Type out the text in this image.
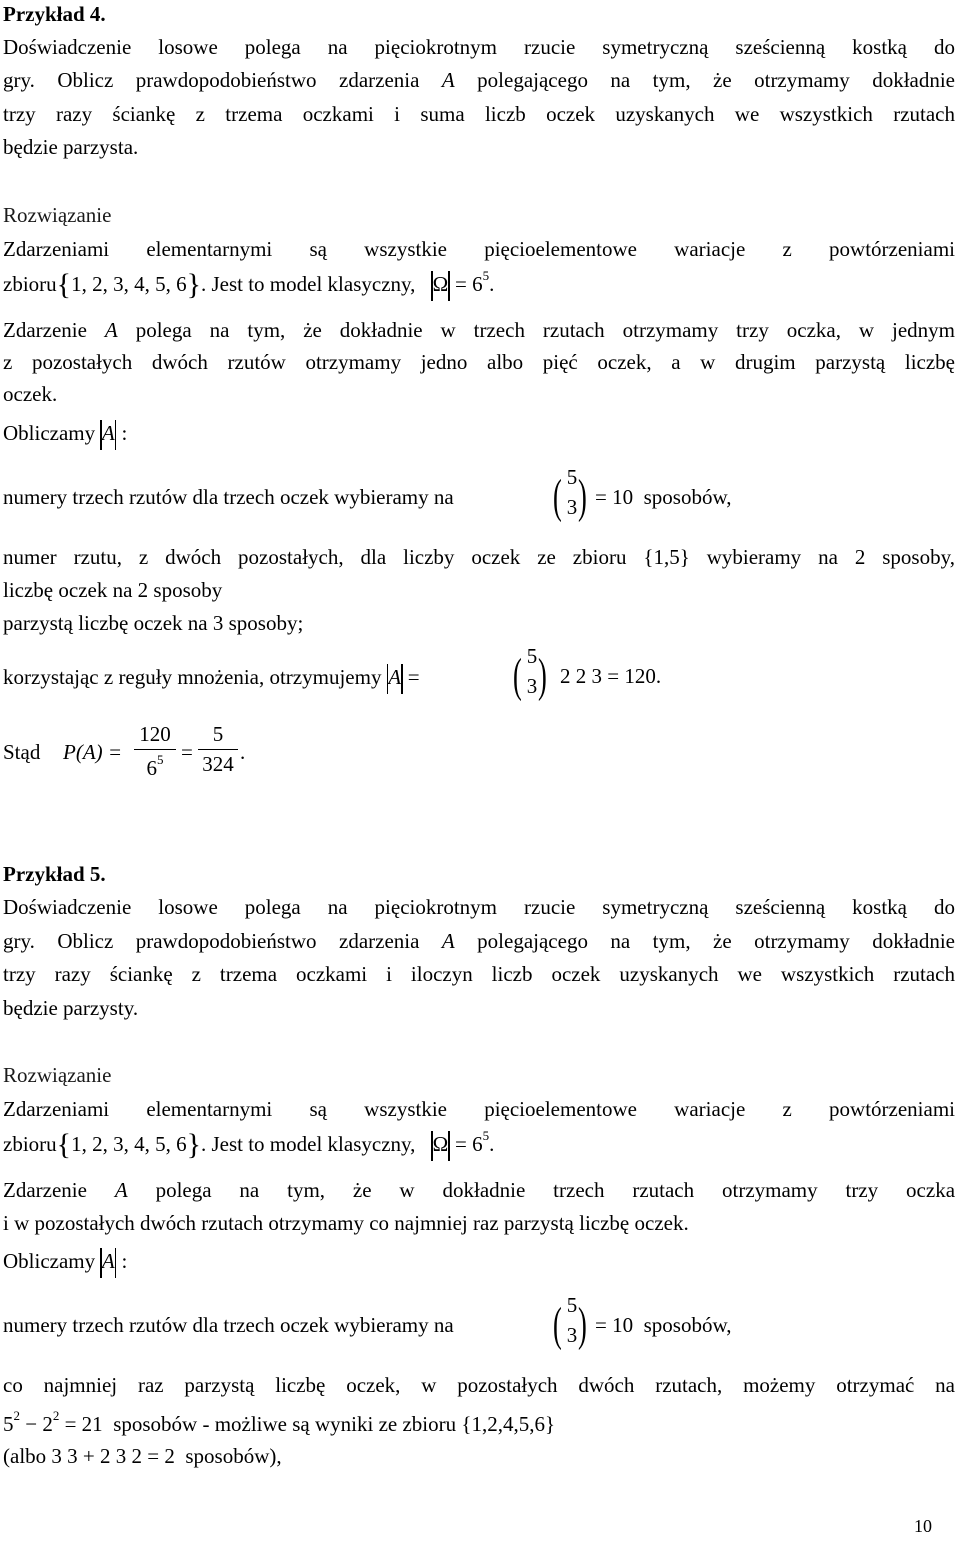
Przykład 4.
Doświadczenie losowe polega na pięciokrotnym rzucie symetryczną sześcienną kostką do
gry. Oblicz prawdopodobieństwo zdarzenia A polegającego na tym, że otrzymamy dokładnie
trzy razy ściankę z trzema oczkami i suma liczb oczek uzyskanych we wszystkich rzutach
będzie parzysta.
Rozwiązanie
Zdarzeniami elementarnymi są wszystkie pięcioelementowe wariacje z powtórzeniami
zbioru{1, 2, 3, 4, 5, 6}. Jest to model klasyczny, $\Omega = 6^5$.
Zdarzenie A polega na tym, że dokładnie w trzech rzutach otrzymamy trzy oczka, w jednym
z pozostałych dwóch rzutów otrzymamy jedno albo pięć oczek, a w drugim parzystą liczbę
oczek.
Obliczamy A :
numery trzech rzutów dla trzech oczek wybieramy na ( 5
3 ) = 10 sposobów,
numer rzutu, z dwóch pozostałych, dla liczby oczek ze zbioru {1,5} wybieramy na 2 sposoby,
liczbę oczek na 2 sposoby
parzystą liczbę oczek na 3 sposoby;
korzystając z reguły mnożenia, otrzymujemy A = ( 5
3 ) 2 2 3 = 120.
Stąd P(A) =
120
$6^5$ =
5
324
.
Przykład 5.
Doświadczenie losowe polega na pięciokrotnym rzucie symetryczną sześcienną kostką do
gry. Oblicz prawdopodobieństwo zdarzenia A polegającego na tym, że otrzymamy dokładnie
trzy razy ściankę z trzema oczkami i iloczyn liczb oczek uzyskanych we wszystkich rzutach
będzie parzysty.
Rozwiązanie
Zdarzeniami elementarnymi są wszystkie pięcioelementowe wariacje z powtórzeniami
zbioru{1, 2, 3, 4, 5, 6}. Jest to model klasyczny, $\Omega = 6^5$.
Zdarzenie A polega na tym, że w dokładnie trzech rzutach otrzymamy trzy oczka
i w pozostałych dwóch rzutach otrzymamy co najmniej raz parzystą liczbę oczek.
Obliczamy A :
numery trzech rzutów dla trzech oczek wybieramy na ( 5
3 ) = 10 sposobów,
co najmniej raz parzystą liczbę oczek, w pozostałych dwóch rzutach, możemy otrzymać na
$5^2 - 2^2 = 21$ sposobów - możliwe są wyniki ze zbioru {1,2,4,5,6}
(albo 3 3 + 2 3 2 = 2 sposobów),
10
